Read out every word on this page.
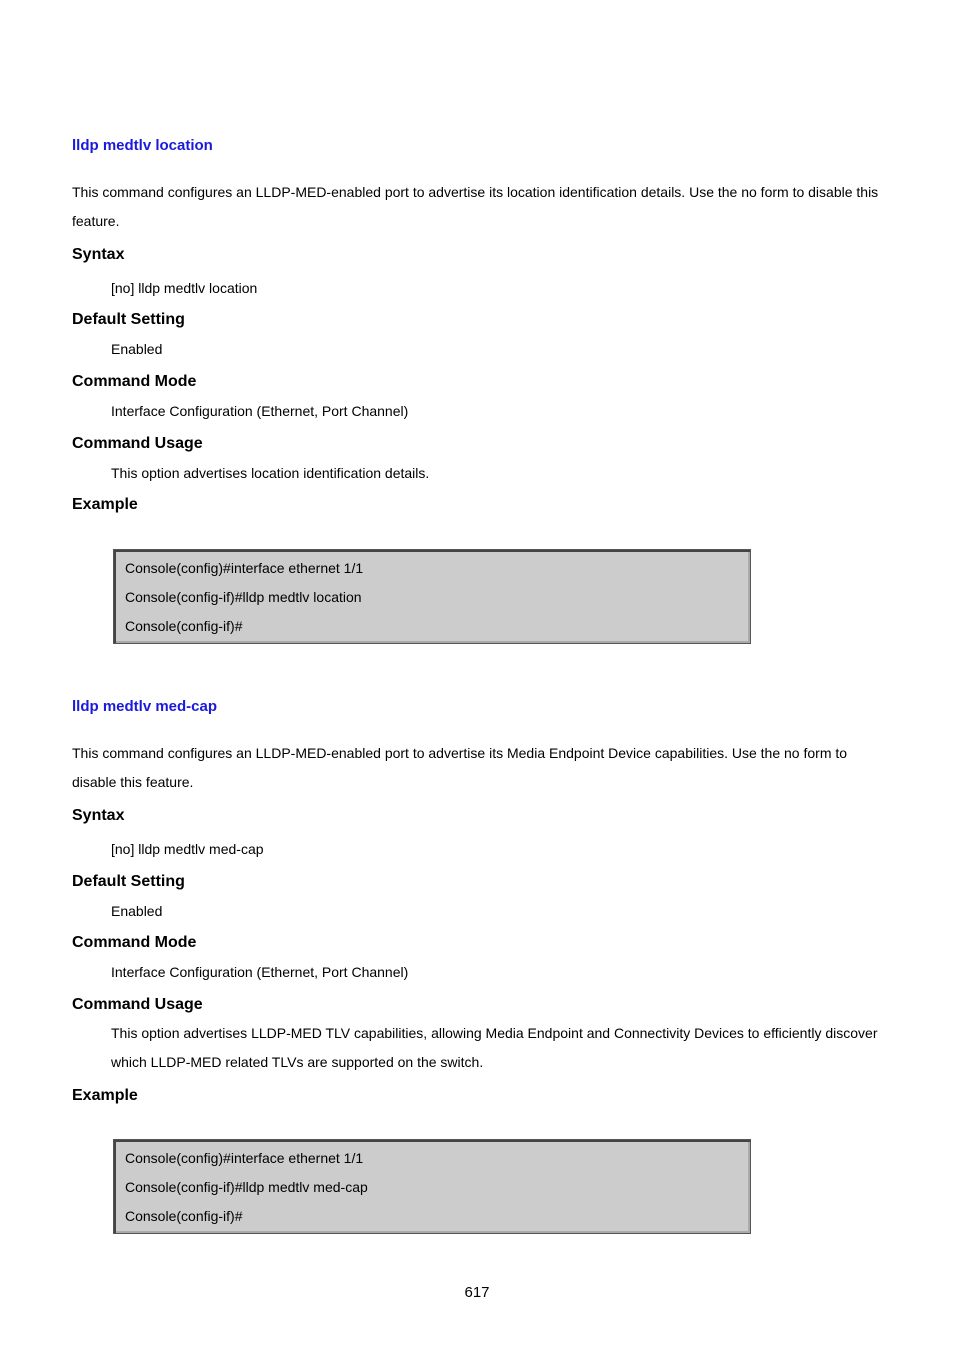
lldp medtlv location
This command configures an LLDP-MED-enabled port to advertise its location identification details. Use the no form to disable this feature.
Syntax
[no] lldp medtlv location
Default Setting
Enabled
Command Mode
Interface Configuration (Ethernet, Port Channel)
Command Usage
This option advertises location identification details.
Example
Console(config)#interface ethernet 1/1
Console(config-if)#lldp medtlv location
Console(config-if)#
lldp medtlv med-cap
This command configures an LLDP-MED-enabled port to advertise its Media Endpoint Device capabilities. Use the no form to disable this feature.
Syntax
[no] lldp medtlv med-cap
Default Setting
Enabled
Command Mode
Interface Configuration (Ethernet, Port Channel)
Command Usage
This option advertises LLDP-MED TLV capabilities, allowing Media Endpoint and Connectivity Devices to efficiently discover which LLDP-MED related TLVs are supported on the switch.
Example
Console(config)#interface ethernet 1/1
Console(config-if)#lldp medtlv med-cap
Console(config-if)#
617
